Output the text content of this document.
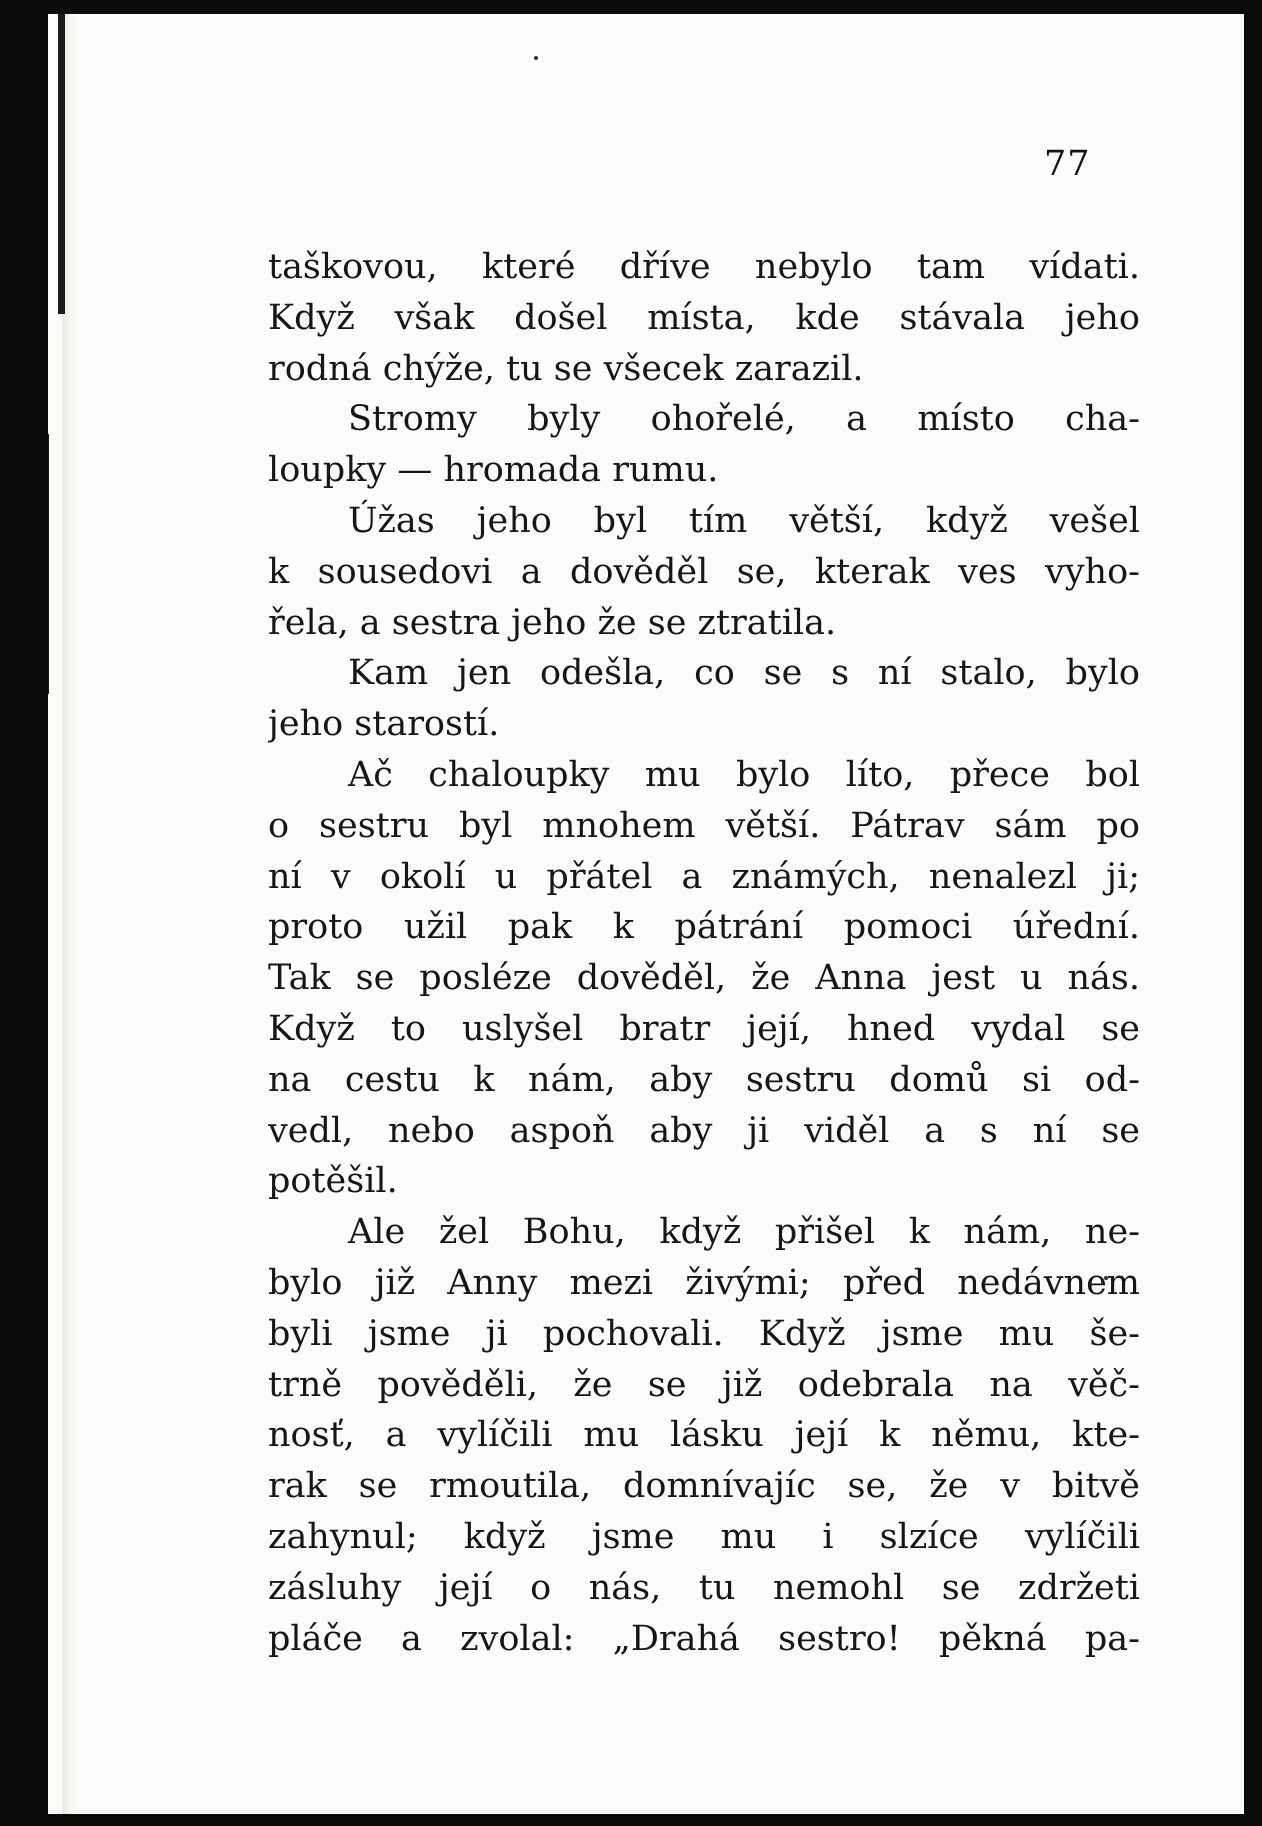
77
taškovou, které dříve nebylo tam vídati.
Když však došel místa, kde stávala jeho
rodná chýže, tu se všecek zarazil.
Stromy byly ohořelé, a místo cha-
loupky — hromada rumu.
Úžas jeho byl tím větší, když vešel
k sousedovi a dověděl se, kterak ves vyho-
řela, a sestra jeho že se ztratila.
Kam jen odešla, co se s ní stalo, bylo
jeho starostí.
Ač chaloupky mu bylo líto, přece bol
o sestru byl mnohem větší. Pátrav sám po
ní v okolí u přátel a známých, nenalezl ji;
proto užil pak k pátrání pomoci úřední.
Tak se posléze dověděl, že Anna jest u nás.
Když to uslyšel bratr její, hned vydal se
na cestu k nám, aby sestru domů si od-
vedl, nebo aspoň aby ji viděl a s ní se
potěšil.
Ale žel Bohu, když přišel k nám, ne-
bylo již Anny mezi živými; před nedávnem
byli jsme ji pochovali. Když jsme mu še-
trně pověděli, že se již odebrala na věč-
nosť, a vylíčili mu lásku její k němu, kte-
rak se rmoutila, domnívajíc se, že v bitvě
zahynul; když jsme mu i slzíce vylíčili
zásluhy její o nás, tu nemohl se zdržeti
pláče a zvolal: „Drahá sestro! pěkná pa-
